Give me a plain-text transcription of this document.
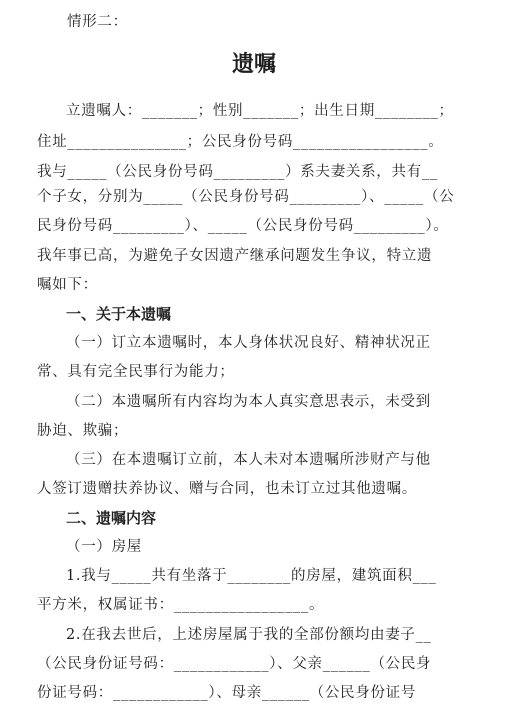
情形二：
遗嘱
立遗嘱人：_______；性别_______；出生日期________；
住址_______________；公民身份号码_________________。
我与_____（公民身份号码_________）系夫妻关系，共有__
个子女，分别为_____（公民身份号码_________）、_____（公
民身份号码_________）、_____（公民身份号码_________）。
我年事已高，为避免子女因遗产继承问题发生争议，特立遗
嘱如下：
一、关于本遗嘱
（一）订立本遗嘱时，本人身体状况良好、精神状况正
常、具有完全民事行为能力；
（二）本遗嘱所有内容均为本人真实意思表示，未受到
胁迫、欺骗；
（三）在本遗嘱订立前，本人未对本遗嘱所涉财产与他
人签订遗赠扶养协议、赠与合同，也未订立过其他遗嘱。
二、遗嘱内容
（一）房屋
1.我与_____共有坐落于________的房屋，建筑面积___
平方米，权属证书：_________________。
2.在我去世后，上述房屋属于我的全部份额均由妻子__
（公民身份证号码：____________）、父亲______（公民身
份证号码：____________）、母亲______（公民身份证号
